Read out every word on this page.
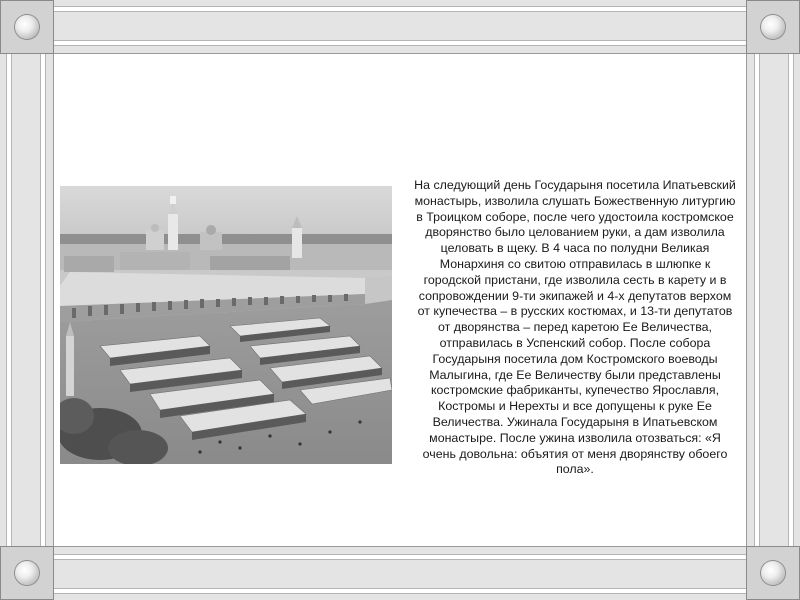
На следующий день Государыня посетила Ипатьевский монастырь, изволила слушать Божественную литургию в Троицком соборе, после чего удостоила костромское дворянство было целованием руки, а дам изволила целовать в щеку. В 4 часа по полудни Великая Монархиня со свитою отправилась в шлюпке к городской пристани, где изволила сесть в карету и в сопровождении 9-ти экипажей и 4-х депутатов верхом от купечества – в русских костюмах, и 13-ти депутатов от дворянства – перед каретою Ее Величества, отправилась в Успенский собор. После собора Государыня посетила дом Костромского воеводы Малыгина, где Ее Величеству были представлены костромские фабриканты, купечество Ярославля, Костромы и Нерехты и все допущены к руке Ее Величества. Ужинала Государыня в Ипатьевском монастыре. После ужина изволила отозваться: «Я очень довольна: объятия от меня дворянству обоего пола».
